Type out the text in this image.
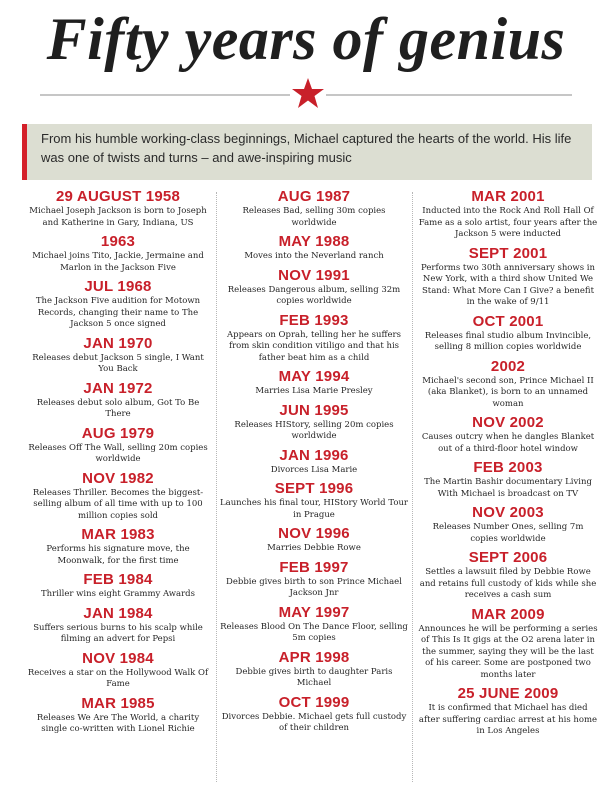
Fifty years of genius
From his humble working-class beginnings, Michael captured the hearts of the world. His life was one of twists and turns – and awe-inspiring music
29 AUGUST 1958
Michael Joseph Jackson is born to Joseph and Katherine in Gary, Indiana, US
1963
Michael joins Tito, Jackie, Jermaine and Marlon in the Jackson Five
JUL 1968
The Jackson Five audition for Motown Records, changing their name to The Jackson 5 once signed
JAN 1970
Releases debut Jackson 5 single, I Want You Back
JAN 1972
Releases debut solo album, Got To Be There
AUG 1979
Releases Off The Wall, selling 20m copies worldwide
NOV 1982
Releases Thriller. Becomes the biggest-selling album of all time with up to 100 million copies sold
MAR 1983
Performs his signature move, the Moonwalk, for the first time
FEB 1984
Thriller wins eight Grammy Awards
JAN 1984
Suffers serious burns to his scalp while filming an advert for Pepsi
NOV 1984
Receives a star on the Hollywood Walk Of Fame
MAR 1985
Releases We Are The World, a charity single co-written with Lionel Richie
AUG 1987
Releases Bad, selling 30m copies worldwide
MAY 1988
Moves into the Neverland ranch
NOV 1991
Releases Dangerous album, selling 32m copies worldwide
FEB 1993
Appears on Oprah, telling her he suffers from skin condition vitiligo and that his father beat him as a child
MAY 1994
Marries Lisa Marie Presley
JUN 1995
Releases HIStory, selling 20m copies worldwide
JAN 1996
Divorces Lisa Marie
SEPT 1996
Launches his final tour, HIStory World Tour in Prague
NOV 1996
Marries Debbie Rowe
FEB 1997
Debbie gives birth to son Prince Michael Jackson Jnr
MAY 1997
Releases Blood On The Dance Floor, selling 5m copies
APR 1998
Debbie gives birth to daughter Paris Michael
OCT 1999
Divorces Debbie. Michael gets full custody of their children
MAR 2001
Inducted into the Rock And Roll Hall Of Fame as a solo artist, four years after the Jackson 5 were inducted
SEPT 2001
Performs two 30th anniversary shows in New York, with a third show United We Stand: What More Can I Give? a benefit in the wake of 9/11
OCT 2001
Releases final studio album Invincible, selling 8 million copies worldwide
2002
Michael's second son, Prince Michael II (aka Blanket), is born to an unnamed woman
NOV 2002
Causes outcry when he dangles Blanket out of a third-floor hotel window
FEB 2003
The Martin Bashir documentary Living With Michael is broadcast on TV
NOV 2003
Releases Number Ones, selling 7m copies worldwide
SEPT 2006
Settles a lawsuit filed by Debbie Rowe and retains full custody of kids while she receives a cash sum
MAR 2009
Announces he will be performing a series of This Is It gigs at the O2 arena later in the summer, saying they will be the last of his career. Some are postponed two months later
25 JUNE 2009
It is confirmed that Michael has died after suffering cardiac arrest at his home in Los Angeles
